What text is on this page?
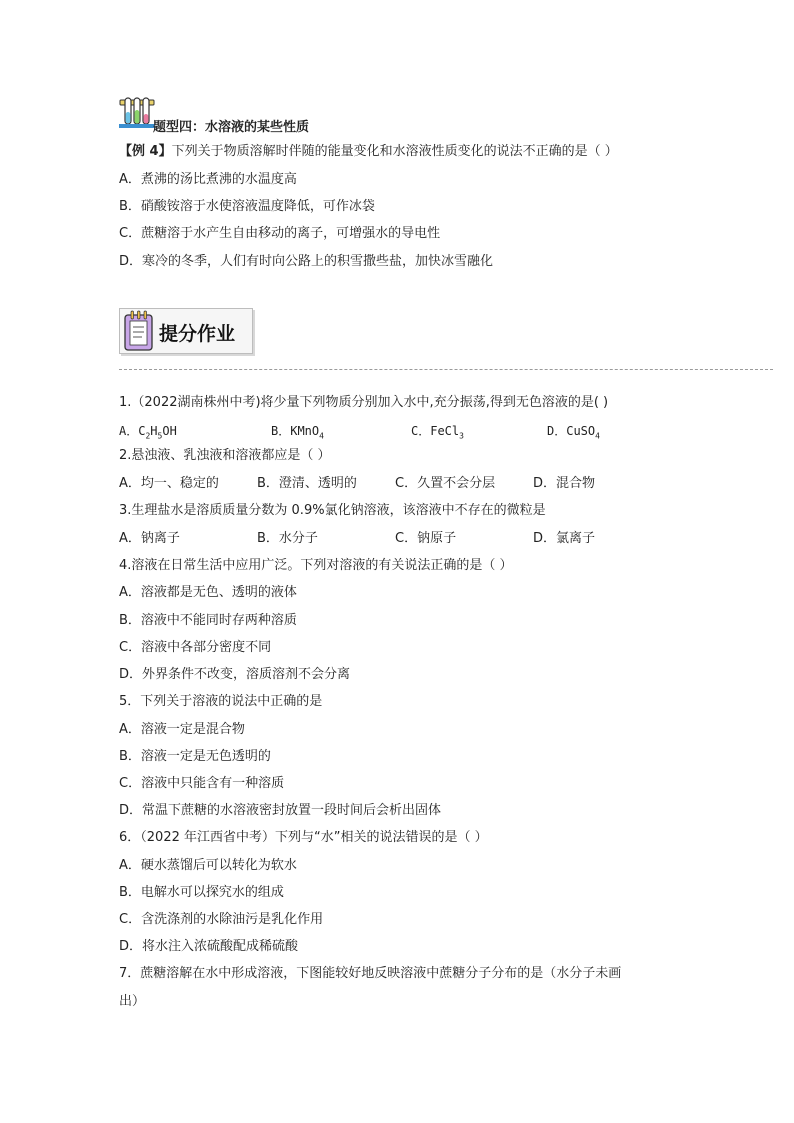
题型四：水溶液的某些性质
【例 4】下列关于物质溶解时伴随的能量变化和水溶液性质变化的说法不正确的是（ ）
A．煮沸的汤比煮沸的水温度高
B．硝酸铵溶于水使溶液温度降低，可作冰袋
C．蔗糖溶于水产生自由移动的离子，可增强水的导电性
D．寒冷的冬季，人们有时向公路上的积雪撒些盐，加快冰雪融化
提分作业
1.（2022湖南株州中考)将少量下列物质分别加入水中,充分振荡,得到无色溶液的是( )
A．$C_2H_5OH$	B．KMnO$_4$	C．FeCl$_3$	D．CuSO$_4$
2.悬浊液、乳浊液和溶液都应是（ ）
A．均一、稳定的	B．澄清、透明的	C．久置不会分层	D．混合物
3.生理盐水是溶质质量分数为 0.9%氯化钠溶液，该溶液中不存在的微粒是
A．钠离子	B．水分子	C．钠原子	D．氯离子
4.溶液在日常生活中应用广泛。下列对溶液的有关说法正确的是（ ）
A．溶液都是无色、透明的液体
B．溶液中不能同时存两种溶质
C．溶液中各部分密度不同
D．外界条件不改变，溶质溶剂不会分离
5．下列关于溶液的说法中正确的是
A．溶液一定是混合物
B．溶液一定是无色透明的
C．溶液中只能含有一种溶质
D．常温下蔗糖的水溶液密封放置一段时间后会析出固体
6．（2022 年江西省中考）下列与“水”相关的说法错误的是（ ）
A．硬水蒸馏后可以转化为软水
B．电解水可以探究水的组成
C．含洗涤剂的水除油污是乳化作用
D．将水注入浓硫酸配成稀硫酸
7．蔗糖溶解在水中形成溶液，下图能较好地反映溶液中蔗糖分子分布的是（水分子未画
出）
